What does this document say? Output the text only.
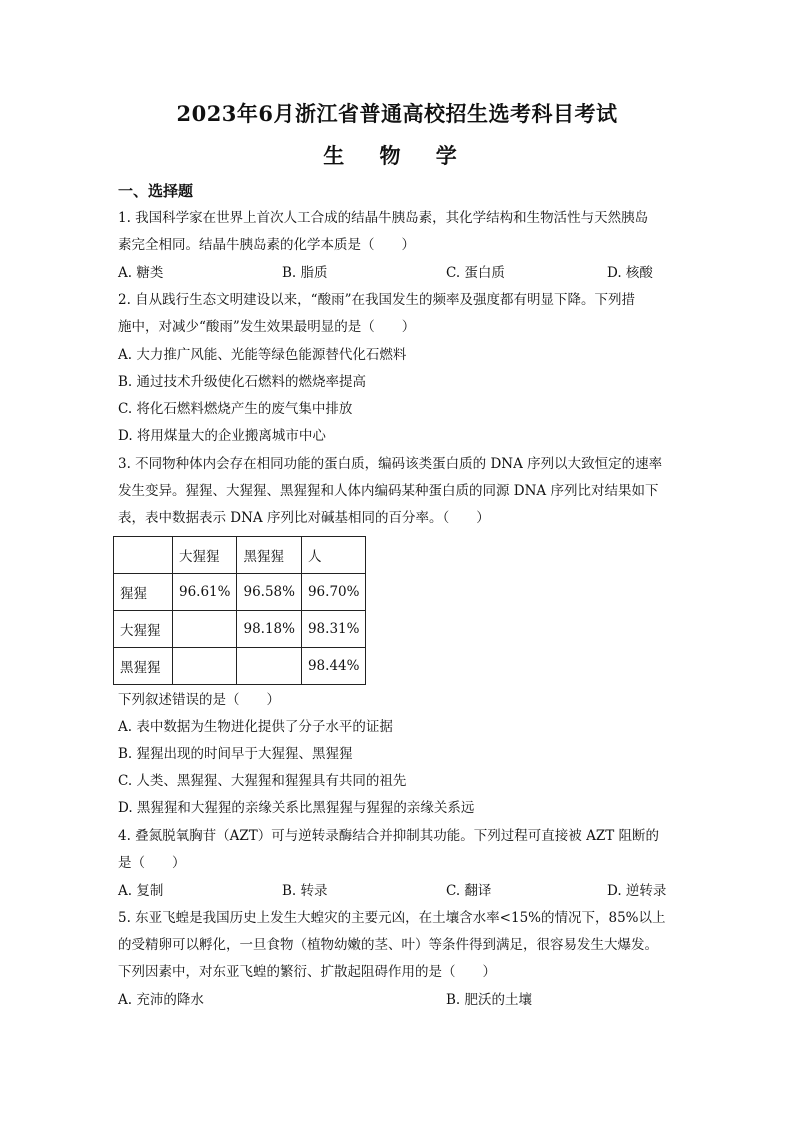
2023年6月浙江省普通高校招生选考科目考试
生 物 学
一、选择题
1. 我国科学家在世界上首次人工合成的结晶牛胰岛素，其化学结构和生物活性与天然胰岛
素完全相同。结晶牛胰岛素的化学本质是（　　）
A. 糖类	B. 脂质	C. 蛋白质	D. 核酸
2. 自从践行生态文明建设以来，“酸雨”在我国发生的频率及强度都有明显下降。下列措
施中，对减少“酸雨”发生效果最明显的是（　　）
A. 大力推广风能、光能等绿色能源替代化石燃料
B. 通过技术升级使化石燃料的燃烧率提高
C. 将化石燃料燃烧产生的废气集中排放
D. 将用煤量大的企业搬离城市中心
3. 不同物种体内会存在相同功能的蛋白质，编码该类蛋白质的 DNA 序列以大致恒定的速率
发生变异。猩猩、大猩猩、黑猩猩和人体内编码某种蛋白质的同源 DNA 序列比对结果如下
表，表中数据表示 DNA 序列比对碱基相同的百分率。（　　）
	大猩猩	黑猩猩	人
猩猩	96.61%	96.58%	96.70%
大猩猩		98.18%	98.31%
黑猩猩			98.44%
下列叙述错误的是（　　）
A. 表中数据为生物进化提供了分子水平的证据
B. 猩猩出现的时间早于大猩猩、黑猩猩
C. 人类、黑猩猩、大猩猩和猩猩具有共同的祖先
D. 黑猩猩和大猩猩的亲缘关系比黑猩猩与猩猩的亲缘关系远
4. 叠氮脱氧胸苷（AZT）可与逆转录酶结合并抑制其功能。下列过程可直接被 AZT 阻断的
是（　　）
A. 复制	B. 转录	C. 翻译	D. 逆转录
5. 东亚飞蝗是我国历史上发生大蝗灾的主要元凶，在土壤含水率<15%的情况下，85%以上
的受精卵可以孵化，一旦食物（植物幼嫩的茎、叶）等条件得到满足，很容易发生大爆发。
下列因素中，对东亚飞蝗的繁衍、扩散起阻碍作用的是（　　）
A. 充沛的降水	B. 肥沃的土壤
